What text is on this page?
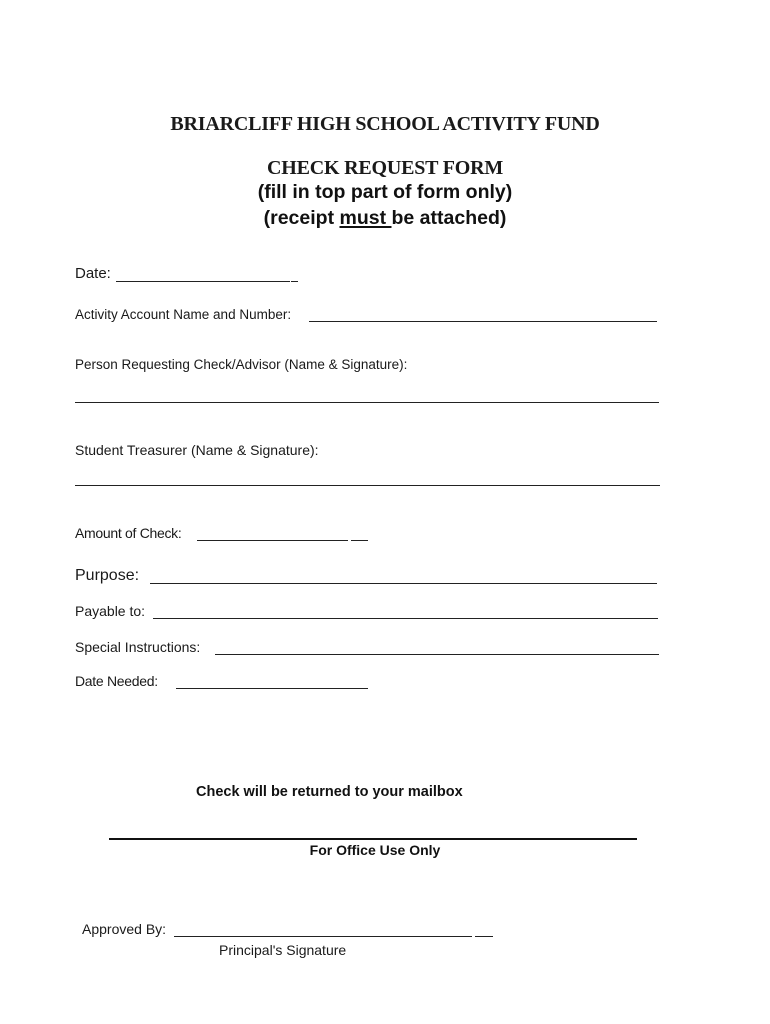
BRIARCLIFF HIGH SCHOOL ACTIVITY FUND
CHECK REQUEST FORM
(fill in top part of form only)
(receipt must be attached)
Date:
Activity Account Name and Number:
Person Requesting Check/Advisor (Name & Signature):
Student Treasurer (Name & Signature):
Amount of Check:
Purpose:
Payable to:
Special Instructions:
Date Needed:
Check will be returned to your mailbox
For Office Use Only
Approved By:
Principal's Signature
